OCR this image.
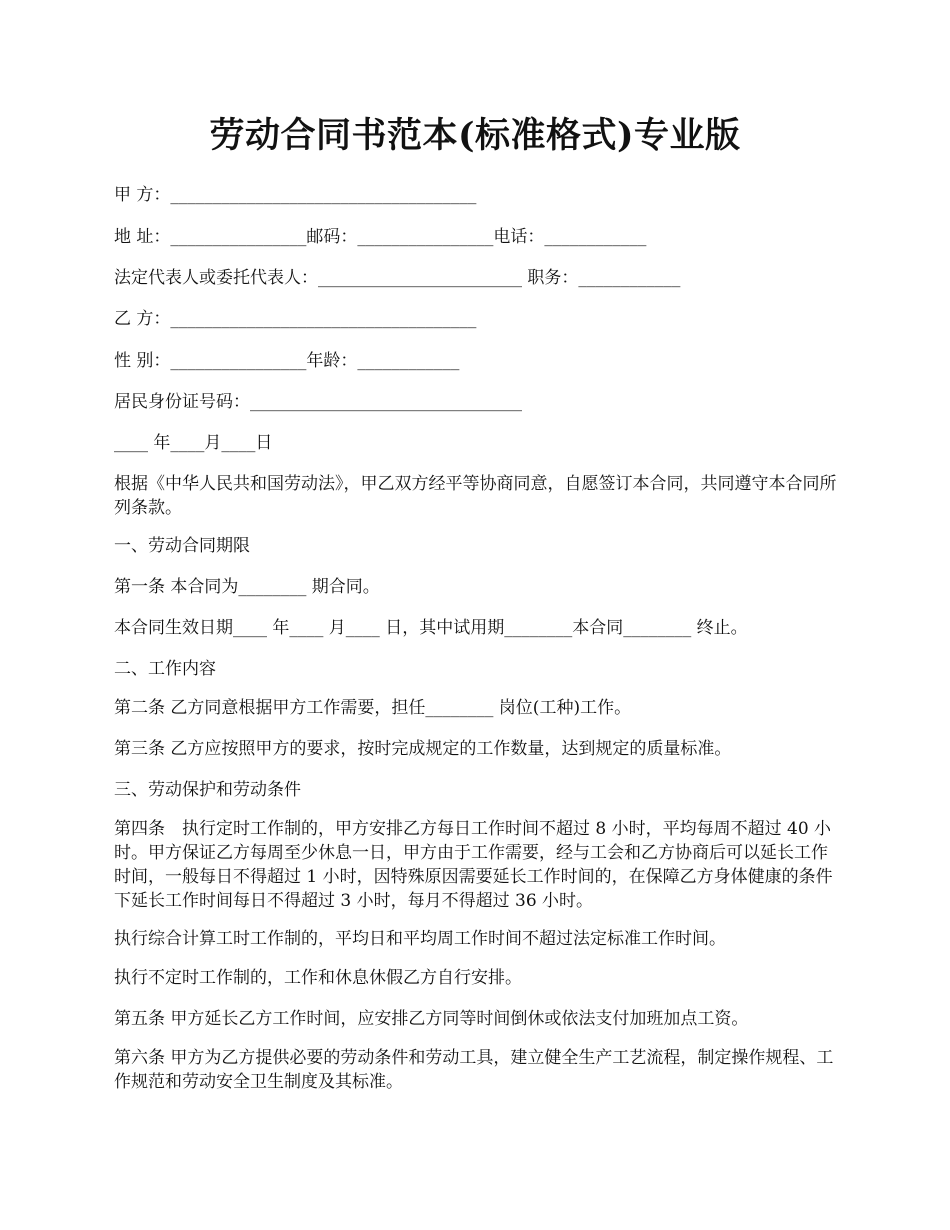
劳动合同书范本(标准格式)专业版
甲 方：____________________________________
地 址：________________邮码：________________电话：____________
法定代表人或委托代表人：________________________ 职务：____________
乙 方：____________________________________
性 别：________________年龄：____________
居民身份证号码：________________________________
____ 年____月____日
根据《中华人民共和国劳动法》，甲乙双方经平等协商同意，自愿签订本合同，共同遵守本合同所列条款。
一、劳动合同期限
第一条 本合同为________ 期合同。
本合同生效日期____ 年____ 月____ 日，其中试用期________本合同________ 终止。
二、工作内容
第二条 乙方同意根据甲方工作需要，担任________ 岗位(工种)工作。
第三条 乙方应按照甲方的要求，按时完成规定的工作数量，达到规定的质量标准。
三、劳动保护和劳动条件
第四条　执行定时工作制的，甲方安排乙方每日工作时间不超过 8 小时，平均每周不超过 40 小时。甲方保证乙方每周至少休息一日，甲方由于工作需要，经与工会和乙方协商后可以延长工作时间，一般每日不得超过 1 小时，因特殊原因需要延长工作时间的，在保障乙方身体健康的条件下延长工作时间每日不得超过 3 小时，每月不得超过 36 小时。
执行综合计算工时工作制的，平均日和平均周工作时间不超过法定标准工作时间。
执行不定时工作制的，工作和休息休假乙方自行安排。
第五条 甲方延长乙方工作时间，应安排乙方同等时间倒休或依法支付加班加点工资。
第六条 甲方为乙方提供必要的劳动条件和劳动工具，建立健全生产工艺流程，制定操作规程、工作规范和劳动安全卫生制度及其标准。
